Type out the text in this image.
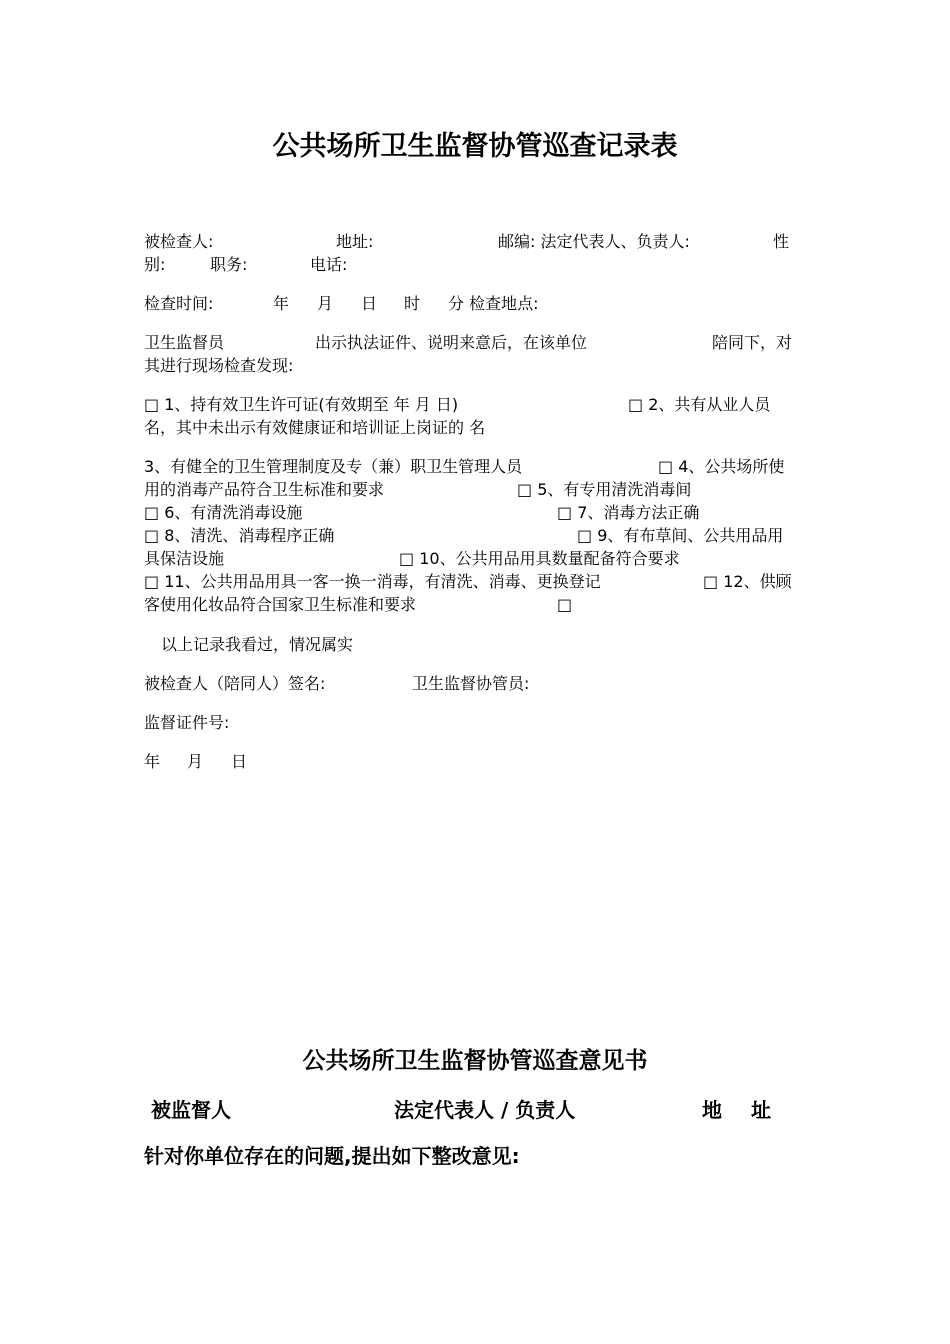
公共场所卫生监督协管巡查记录表
被检查人:	地址:	邮编: 法定代表人、负责人:	性
别:	职务:	电话:
检查时间:	年 月 日 时 分 检查地点:
卫生监督员	出示执法证件、说明来意后，在该单位	陪同下，对
其进行现场检查发现:
□ 1、持有效卫生许可证(有效期至 年 月 日)	□ 2、共有从业人员
名，其中未出示有效健康证和培训证上岗证的 名
3、有健全的卫生管理制度及专（兼）职卫生管理人员	□ 4、公共场所使
用的消毒产品符合卫生标准和要求	□ 5、有专用清洗消毒间
□ 6、有清洗消毒设施	□ 7、消毒方法正确
□ 8、清洗、消毒程序正确	□ 9、有布草间、公共用品用
具保洁设施	□ 10、公共用品用具数量配备符合要求
□ 11、公共用品用具一客一换一消毒，有清洗、消毒、更换登记	□ 12、供顾
客使用化妆品符合国家卫生标准和要求	□
以上记录我看过，情况属实
被检查人（陪同人）签名:	卫生监督协管员:
监督证件号:
年 月 日
公共场所卫生监督协管巡查意见书
被监督人	法定代表人 / 负责人	地 址
针对你单位存在的问题,提出如下整改意见:
